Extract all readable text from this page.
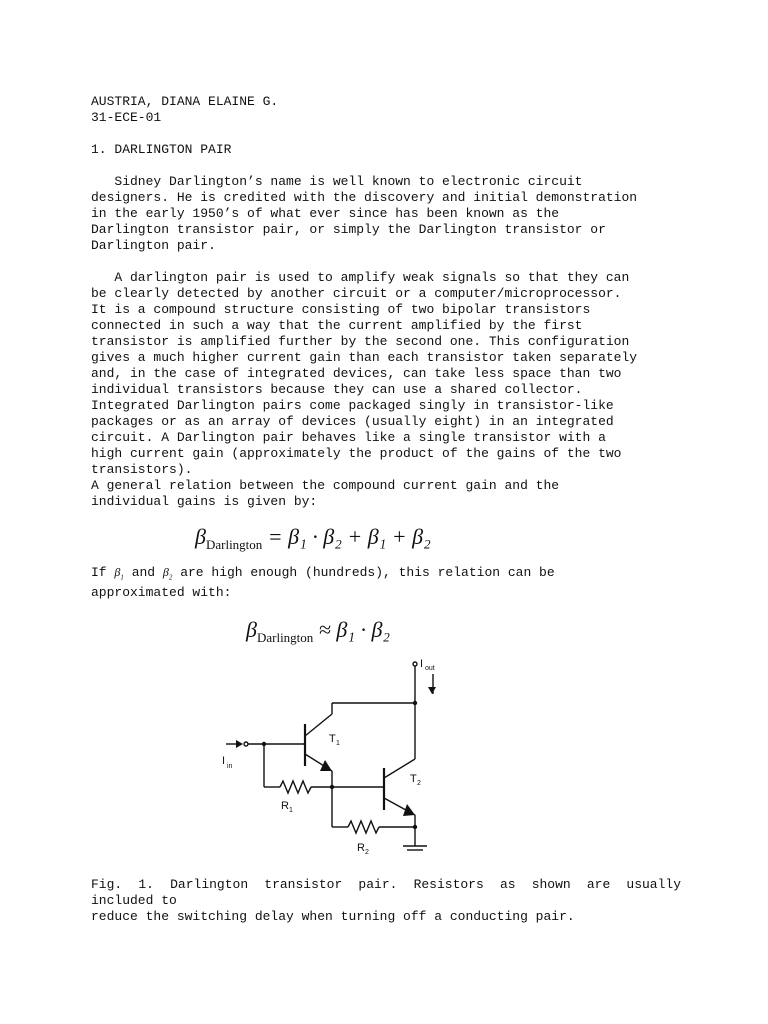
AUSTRIA, DIANA ELAINE G.
31-ECE-01
1. DARLINGTON PAIR

Sidney Darlington’s name is well known to electronic circuit

designers. He is credited with the discovery and initial demonstration

in the early 1950’s of what ever since has been known as the

Darlington transistor pair, or simply the Darlington transistor or

Darlington pair.

A darlington pair is used to amplify weak signals so that they can

be clearly detected by another circuit or a computer/microprocessor.

It is a compound structure consisting of two bipolar transistors

connected in such a way that the current amplified by the first

transistor is amplified further by the second one. This configuration

gives a much higher current gain than each transistor taken separately

and, in the case of integrated devices, can take less space than two

individual transistors because they can use a shared collector.

Integrated Darlington pairs come packaged singly in transistor-like

packages or as an array of devices (usually eight) in an integrated

circuit. A Darlington pair behaves like a single transistor with a

high current gain (approximately the product of the gains of the two

transistors).

A general relation between the compound current gain and the

individual gains is given by:

$\beta_{Darlington} = \beta_1 \cdot \beta_2 + \beta_1 + \beta_2$
If $\beta_1$ and $\beta_2$ are high enough (hundreds), this relation can be
approximated with:
$\beta_{Darlington} \approx \beta_1 \cdot \beta_2$
I out
I in
T 1
T 2
R 1
R 2
Fig. 1. Darlington transistor pair. Resistors as shown are usually
included to
reduce the switching delay when turning off a conducting pair.
